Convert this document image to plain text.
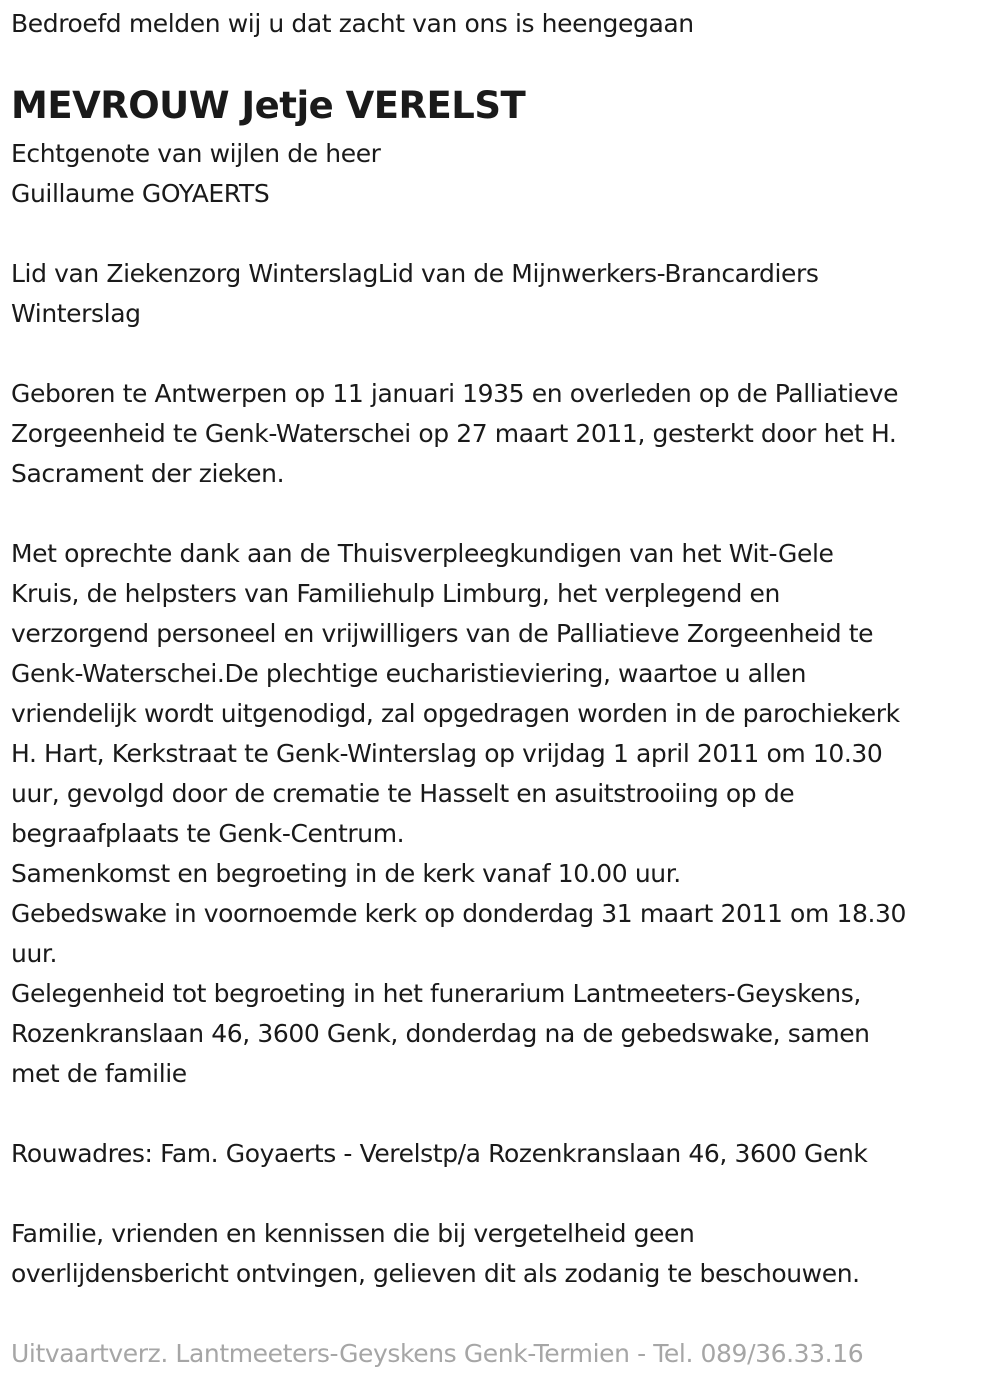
Bedroefd melden wij u dat zacht van ons is heengegaan
MEVROUW Jetje VERELST
Echtgenote van wijlen de heer
Guillaume GOYAERTS
Lid van Ziekenzorg WinterslagLid van de Mijnwerkers-Brancardiers
Winterslag
Geboren te Antwerpen op 11 januari 1935 en overleden op de Palliatieve
Zorgeenheid te Genk-Waterschei op 27 maart 2011, gesterkt door het H.
Sacrament der zieken.
Met oprechte dank aan de Thuisverpleegkundigen van het Wit-Gele
Kruis, de helpsters van Familiehulp Limburg, het verplegend en
verzorgend personeel en vrijwilligers van de Palliatieve Zorgeenheid te
Genk-Waterschei.De plechtige eucharistieviering, waartoe u allen
vriendelijk wordt uitgenodigd, zal opgedragen worden in de parochiekerk
H. Hart, Kerkstraat te Genk-Winterslag op vrijdag 1 april 2011 om 10.30
uur, gevolgd door de crematie te Hasselt en asuitstrooiing op de
begraafplaats te Genk-Centrum.
Samenkomst en begroeting in de kerk vanaf 10.00 uur.
Gebedswake in voornoemde kerk op donderdag 31 maart 2011 om 18.30
uur.
Gelegenheid tot begroeting in het funerarium Lantmeeters-Geyskens,
Rozenkranslaan 46, 3600 Genk, donderdag na de gebedswake, samen
met de familie
Rouwadres: Fam. Goyaerts - Verelstp/a Rozenkranslaan 46, 3600 Genk
Familie, vrienden en kennissen die bij vergetelheid geen
overlijdensbericht ontvingen, gelieven dit als zodanig te beschouwen.
Uitvaartverz. Lantmeeters-Geyskens Genk-Termien - Tel. 089/36.33.16
